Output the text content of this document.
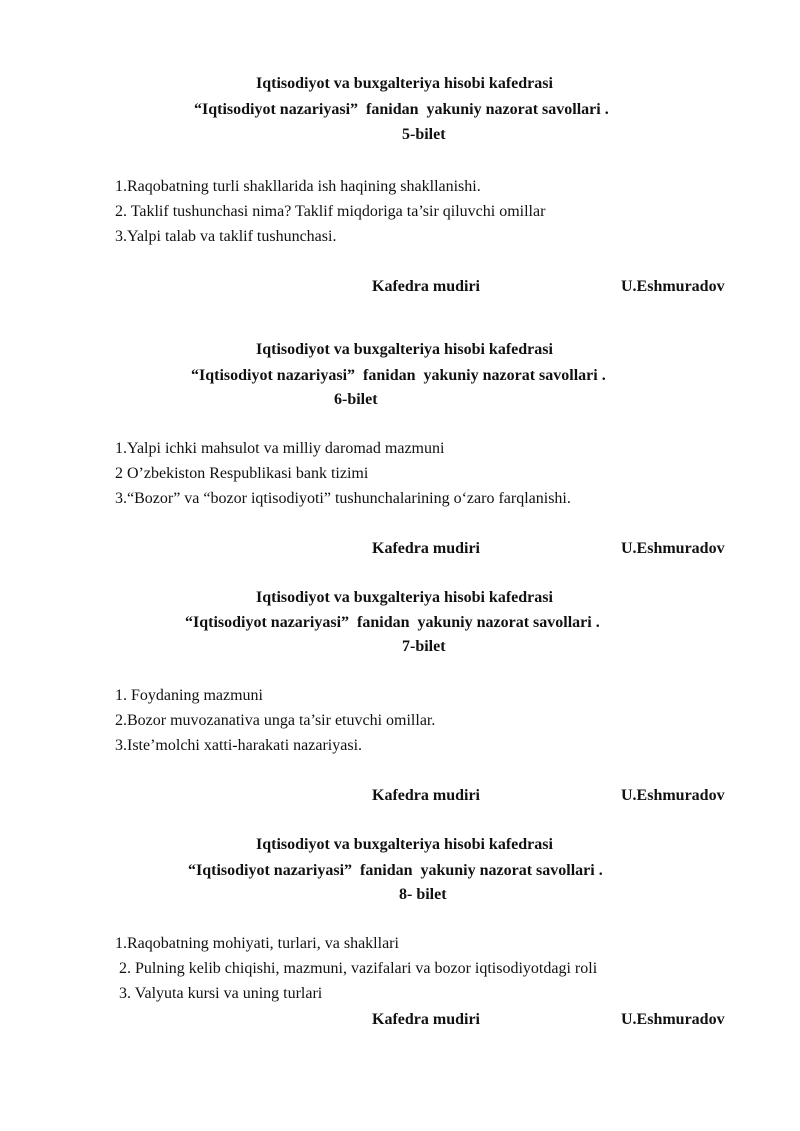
Iqtisodiyot va buxgalteriya hisobi kafedrasi
“Iqtisodiyot nazariyasi”  fanidan  yakuniy nazorat savollari .
5-bilet
1.Raqobatning turli shakllarida ish haqining shakllanishi.
2. Taklif tushunchasi nima? Taklif miqdoriga ta’sir qiluvchi omillar
3.Yalpi talab va taklif tushunchasi.
Kafedra mudiri	U.Eshmuradov
Iqtisodiyot va buxgalteriya hisobi kafedrasi
“Iqtisodiyot nazariyasi”  fanidan  yakuniy nazorat savollari .
6-bilet
1.Yalpi ichki mahsulot va milliy daromad mazmuni
2 O’zbekiston Respublikasi bank tizimi
3.“Bozor” va “bozor iqtisodiyoti” tushunchalarining o‘zaro farqlanishi.
Kafedra mudiri	U.Eshmuradov
Iqtisodiyot va buxgalteriya hisobi kafedrasi
“Iqtisodiyot nazariyasi”  fanidan  yakuniy nazorat savollari .
7-bilet
1. Foydaning mazmuni
2.Bozor muvozanativa unga ta’sir etuvchi omillar.
3.Iste’molchi xatti-harakati nazariyasi.
Kafedra mudiri	U.Eshmuradov
Iqtisodiyot va buxgalteriya hisobi kafedrasi
“Iqtisodiyot nazariyasi”  fanidan  yakuniy nazorat savollari .
8- bilet
1.Raqobatning mohiyati, turlari, va shakllari
2. Pulning kelib chiqishi, mazmuni, vazifalari va bozor iqtisodiyotdagi roli
3. Valyuta kursi va uning turlari
Kafedra mudiri	U.Eshmuradov
